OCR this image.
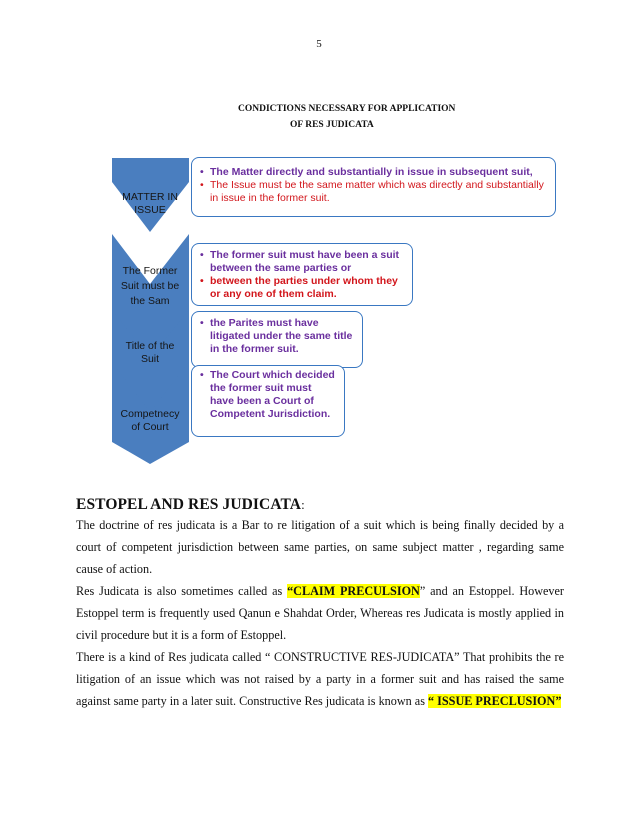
5
CONDICTIONS NECESSARY FOR APPLICATION
OF RES JUDICATA
MATTER IN
ISSUE
The Former
Suit must be
the Sam
Title of the
Suit
Competnecy
of Court
• The Matter directly and substantially in issue in subsequent suit,
• The Issue must be the same matter which was directly and substantially in issue in the former suit.
• The former suit must have been a suit between the same parties or
• between the parties under whom they or any one of them claim.
• the Parites must have litigated under the same title in the former suit.
• The Court which decided the former suit must have been a Court of Competent Jurisdiction.
ESTOPEL AND RES JUDICATA:
The doctrine of res judicata is a Bar to re litigation of a suit which is being finally decided by a court of competent jurisdiction between same parties, on same subject matter , regarding same cause of action.
Res Judicata is also sometimes called as “CLAIM PRECULSION” and an Estoppel. However Estoppel term is frequently used Qanun e Shahdat Order, Whereas res Judicata is mostly applied in civil procedure but it is a form of Estoppel.
There is a kind of Res judicata called “ CONSTRUCTIVE RES-JUDICATA” That prohibits the re litigation of an issue which was not raised by a party in a former suit and has raised the same against same party in a later suit. Constructive Res judicata is known as “ ISSUE PRECLUSION”
